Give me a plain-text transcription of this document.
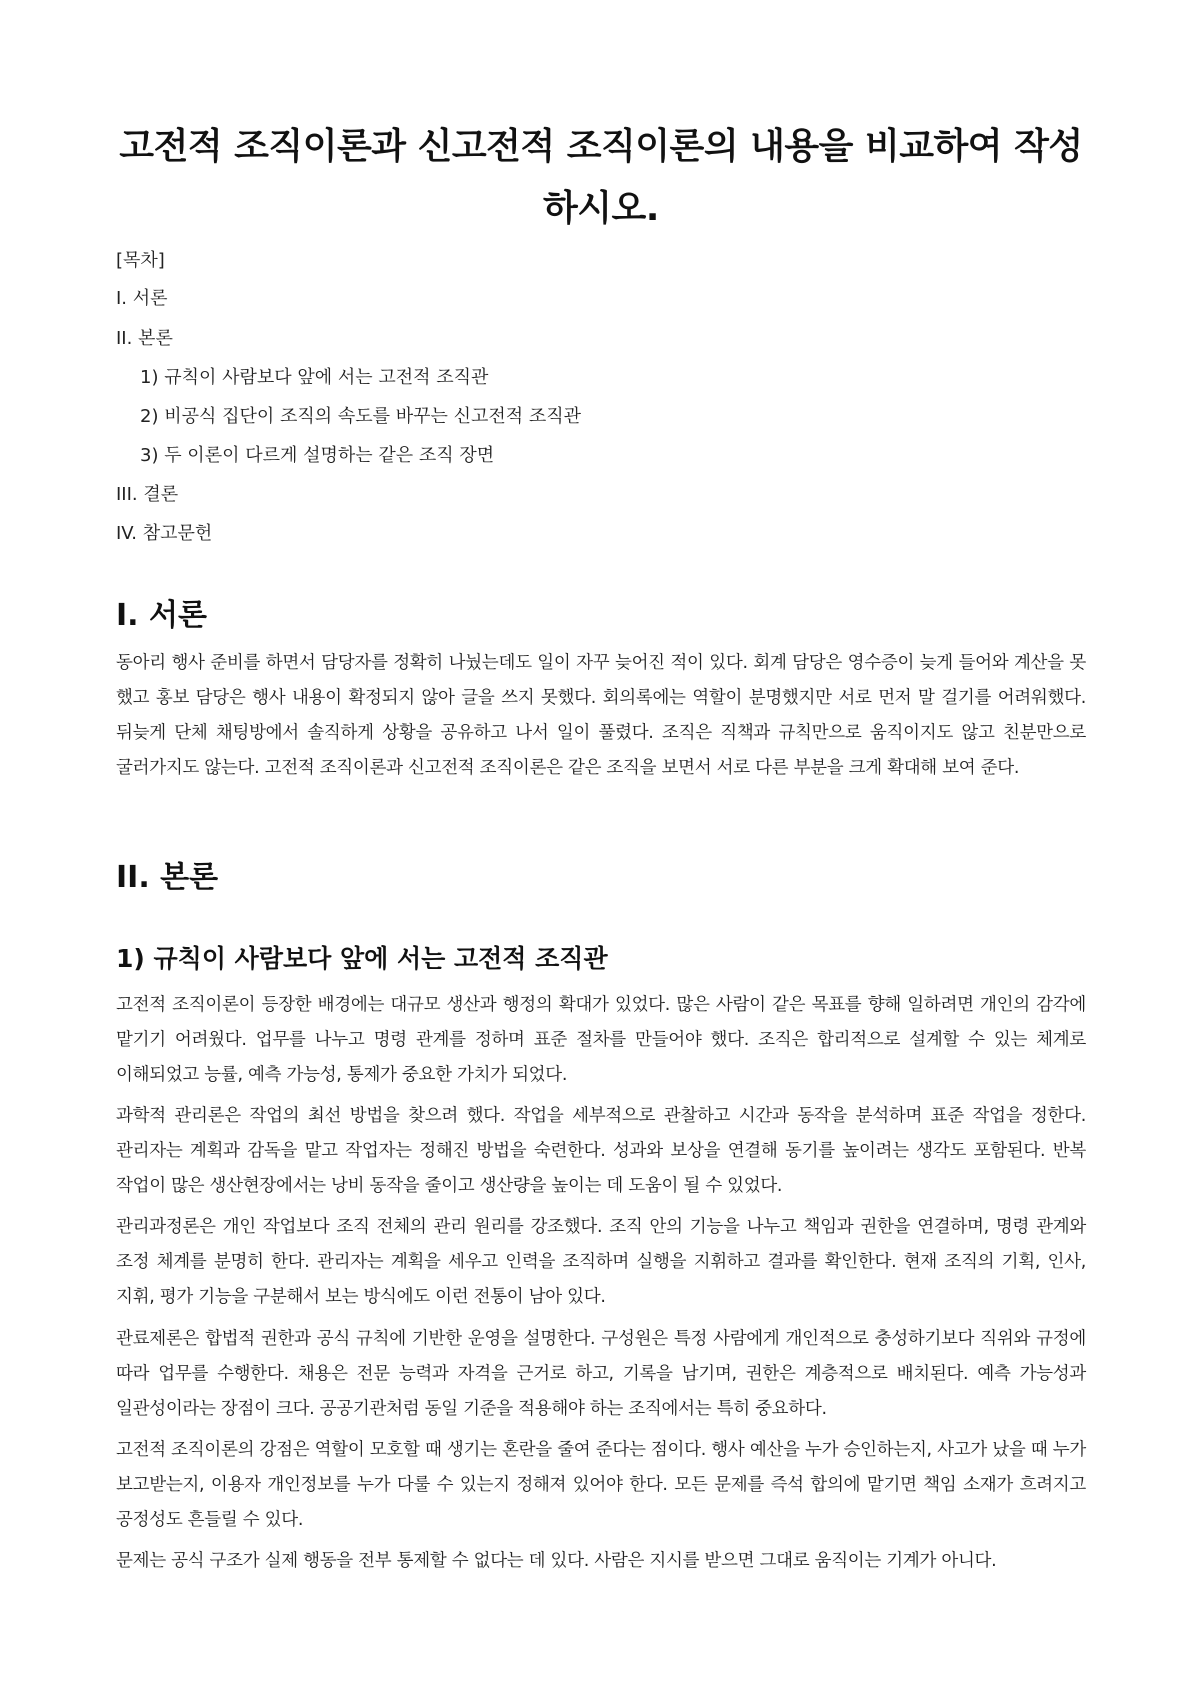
고전적 조직이론과 신고전적 조직이론의 내용을 비교하여 작성하시오.
[목차]
I. 서론
II. 본론
1) 규칙이 사람보다 앞에 서는 고전적 조직관
2) 비공식 집단이 조직의 속도를 바꾸는 신고전적 조직관
3) 두 이론이 다르게 설명하는 같은 조직 장면
III. 결론
IV. 참고문헌
I. 서론

동아리 행사 준비를 하면서 담당자를 정확히 나눴는데도 일이 자꾸 늦어진 적이 있다. 회계 담당은 영수증이 늦게 들어와 계산을 못 했고 홍보 담당은 행사 내용이 확정되지 않아 글을 쓰지 못했다. 회의록에는 역할이 분명했지만 서로 먼저 말 걸기를 어려워했다. 뒤늦게 단체 채팅방에서 솔직하게 상황을 공유하고 나서 일이 풀렸다. 조직은 직책과 규칙만으로 움직이지도 않고 친분만으로 굴러가지도 않는다. 고전적 조직이론과 신고전적 조직이론은 같은 조직을 보면서 서로 다른 부분을 크게 확대해 보여 준다.

II. 본론
1) 규칙이 사람보다 앞에 서는 고전적 조직관

고전적 조직이론이 등장한 배경에는 대규모 생산과 행정의 확대가 있었다. 많은 사람이 같은 목표를 향해 일하려면 개인의 감각에 맡기기 어려웠다. 업무를 나누고 명령 관계를 정하며 표준 절차를 만들어야 했다. 조직은 합리적으로 설계할 수 있는 체계로 이해되었고 능률, 예측 가능성, 통제가 중요한 가치가 되었다.

과학적 관리론은 작업의 최선 방법을 찾으려 했다. 작업을 세부적으로 관찰하고 시간과 동작을 분석하며 표준 작업을 정한다. 관리자는 계획과 감독을 맡고 작업자는 정해진 방법을 숙련한다. 성과와 보상을 연결해 동기를 높이려는 생각도 포함된다. 반복 작업이 많은 생산현장에서는 낭비 동작을 줄이고 생산량을 높이는 데 도움이 될 수 있었다.

관리과정론은 개인 작업보다 조직 전체의 관리 원리를 강조했다. 조직 안의 기능을 나누고 책임과 권한을 연결하며, 명령 관계와 조정 체계를 분명히 한다. 관리자는 계획을 세우고 인력을 조직하며 실행을 지휘하고 결과를 확인한다. 현재 조직의 기획, 인사, 지휘, 평가 기능을 구분해서 보는 방식에도 이런 전통이 남아 있다.

관료제론은 합법적 권한과 공식 규칙에 기반한 운영을 설명한다. 구성원은 특정 사람에게 개인적으로 충성하기보다 직위와 규정에 따라 업무를 수행한다. 채용은 전문 능력과 자격을 근거로 하고, 기록을 남기며, 권한은 계층적으로 배치된다. 예측 가능성과 일관성이라는 장점이 크다. 공공기관처럼 동일 기준을 적용해야 하는 조직에서는 특히 중요하다.

고전적 조직이론의 강점은 역할이 모호할 때 생기는 혼란을 줄여 준다는 점이다. 행사 예산을 누가 승인하는지, 사고가 났을 때 누가 보고받는지, 이용자 개인정보를 누가 다룰 수 있는지 정해져 있어야 한다. 모든 문제를 즉석 합의에 맡기면 책임 소재가 흐려지고 공정성도 흔들릴 수 있다.

문제는 공식 구조가 실제 행동을 전부 통제할 수 없다는 데 있다. 사람은 지시를 받으면 그대로 움직이는 기계가 아니다.
